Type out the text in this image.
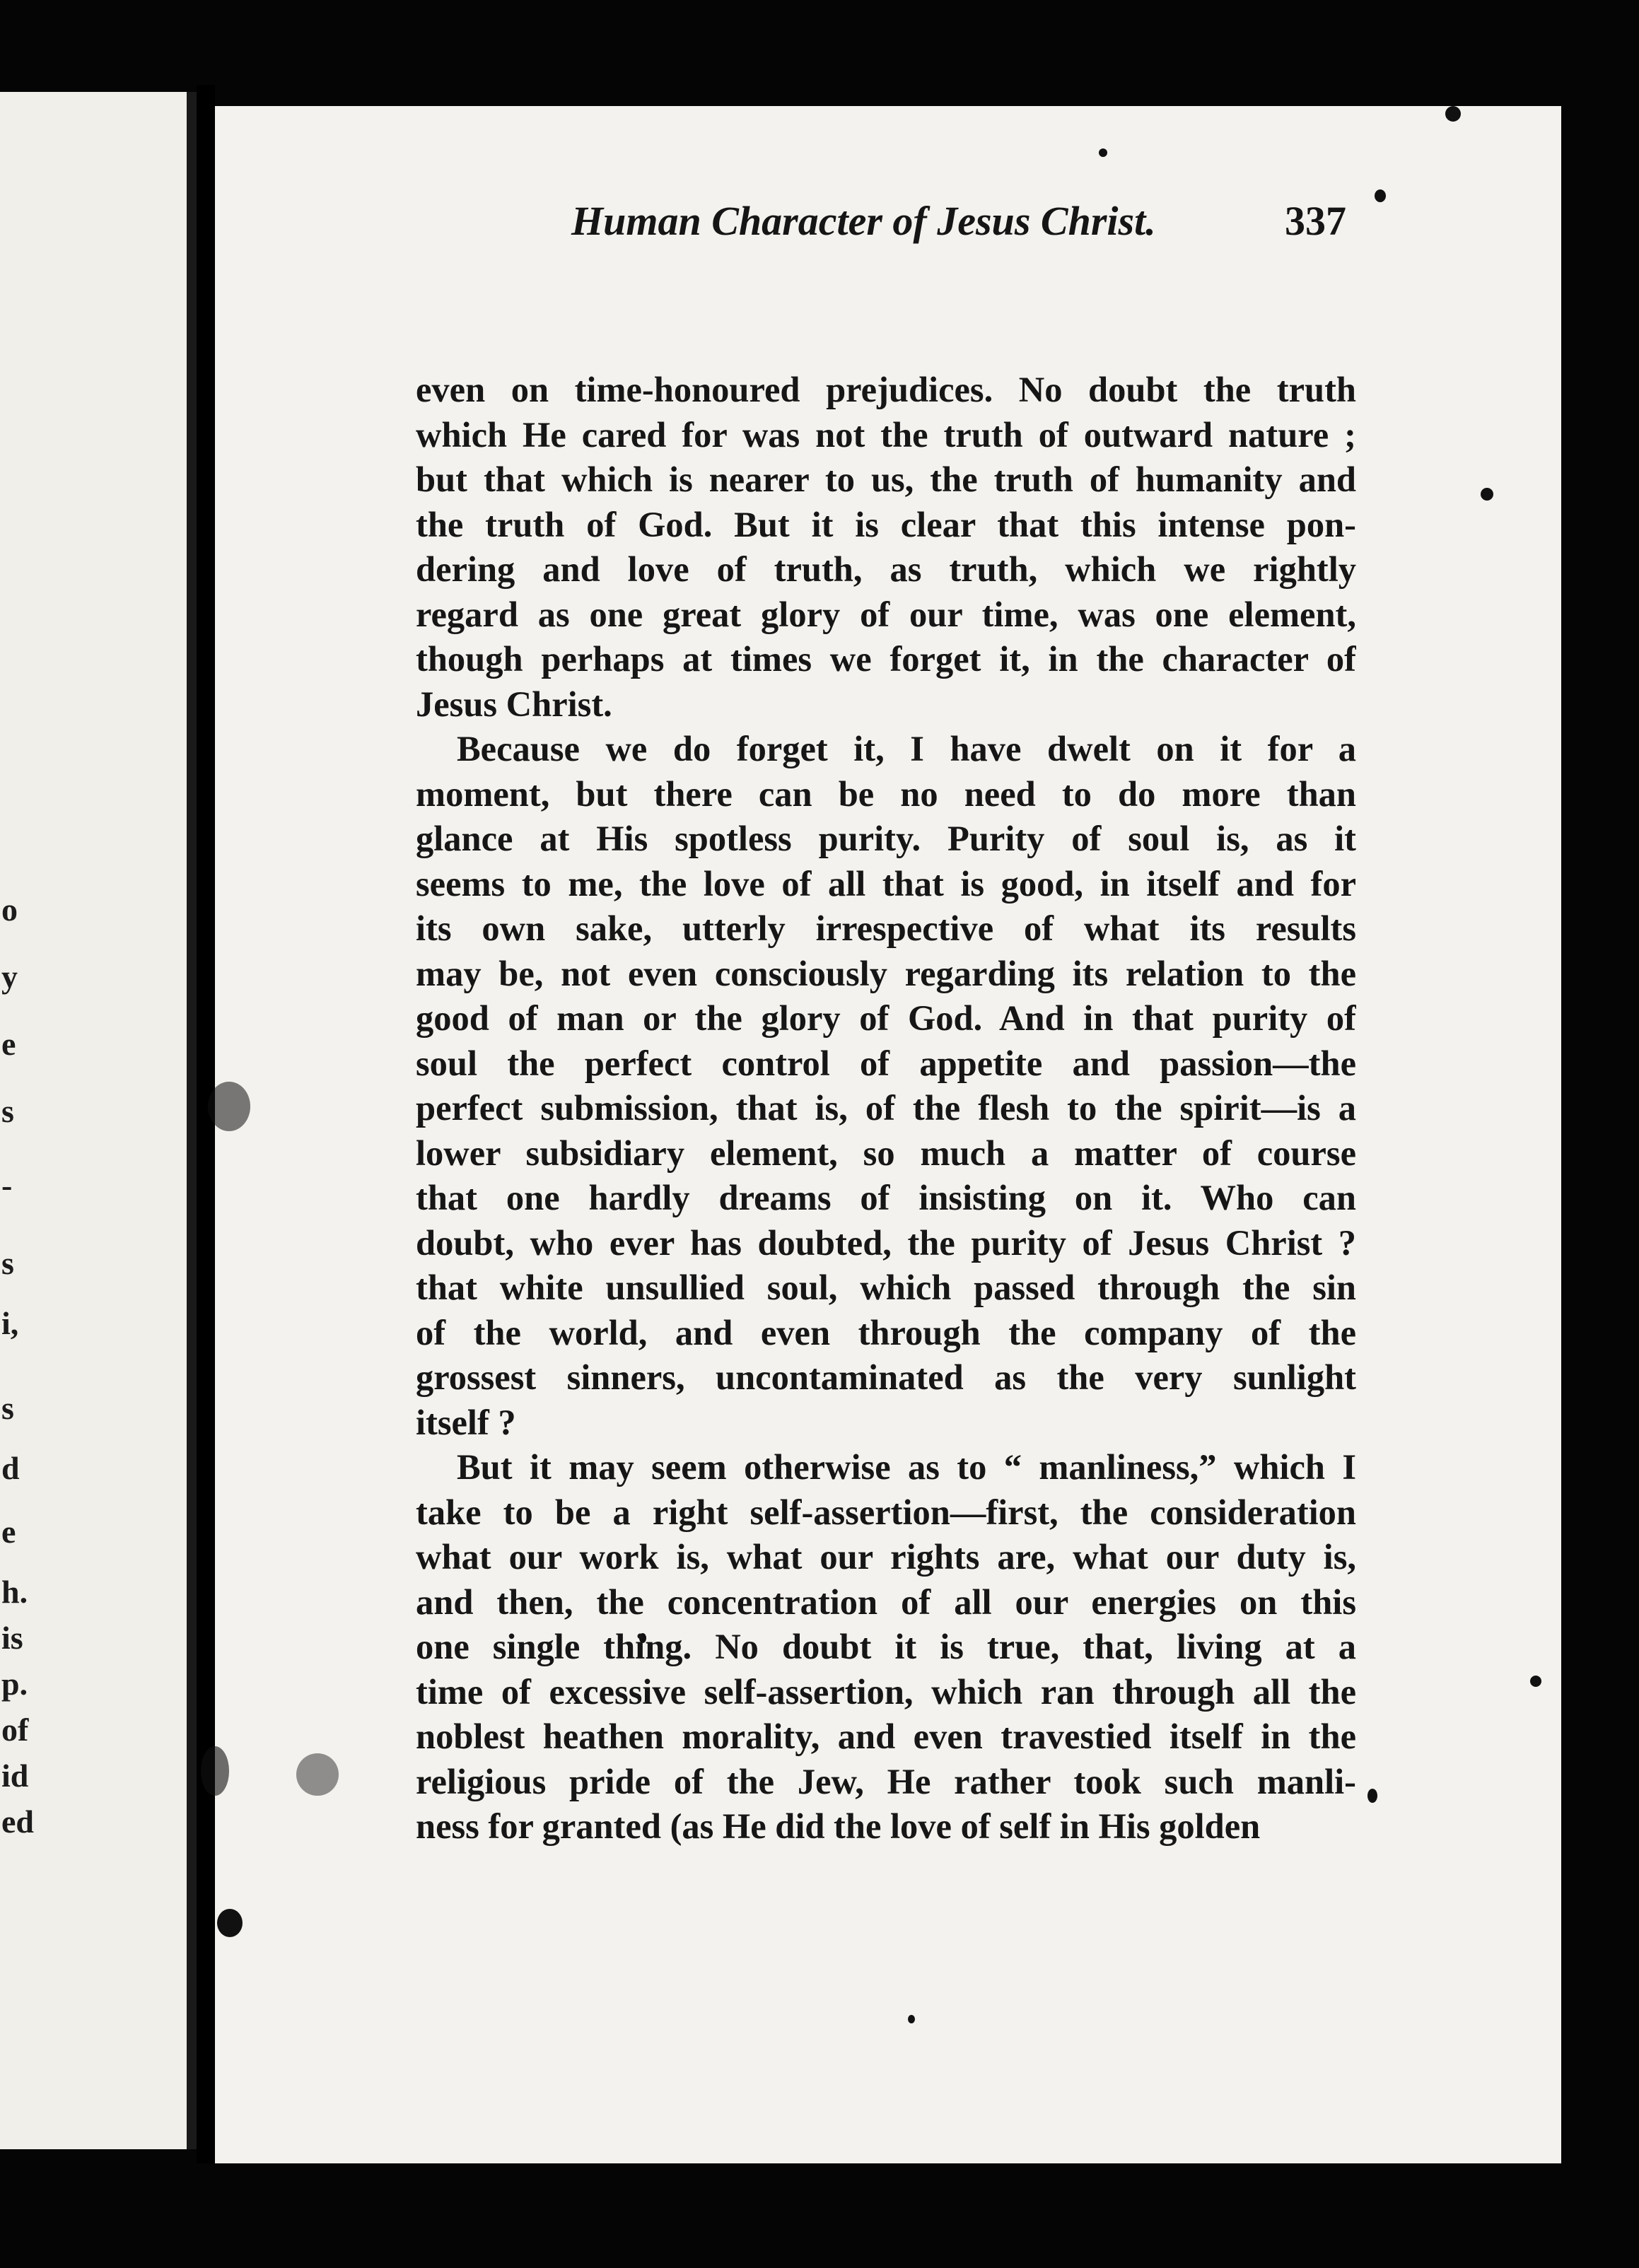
o
y
e
s
-
s
i,
s
d
e
h.
is
p.
of
id
ed
Human Character of Jesus Christ.	337
even on time-honoured prejudices. No doubt the truth
which He cared for was not the truth of outward nature ;
but that which is nearer to us, the truth of humanity and
the truth of God. But it is clear that this intense pon-
dering and love of truth, as truth, which we rightly
regard as one great glory of our time, was one element,
though perhaps at times we forget it, in the character of
Jesus Christ.
Because we do forget it, I have dwelt on it for a
moment, but there can be no need to do more than
glance at His spotless purity. Purity of soul is, as it
seems to me, the love of all that is good, in itself and for
its own sake, utterly irrespective of what its results
may be, not even consciously regarding its relation to the
good of man or the glory of God. And in that purity of
soul the perfect control of appetite and passion—the
perfect submission, that is, of the flesh to the spirit—is a
lower subsidiary element, so much a matter of course
that one hardly dreams of insisting on it. Who can
doubt, who ever has doubted, the purity of Jesus Christ ?
that white unsullied soul, which passed through the sin
of the world, and even through the company of the
grossest sinners, uncontaminated as the very sunlight
itself ?
But it may seem otherwise as to “ manliness,” which I
take to be a right self-assertion—first, the consideration
what our work is, what our rights are, what our duty is,
and then, the concentration of all our energies on this
one single thing. No doubt it is true, that, living at a
time of excessive self-assertion, which ran through all the
noblest heathen morality, and even travestied itself in the
religious pride of the Jew, He rather took such manli-
ness for granted (as He did the love of self in His golden
